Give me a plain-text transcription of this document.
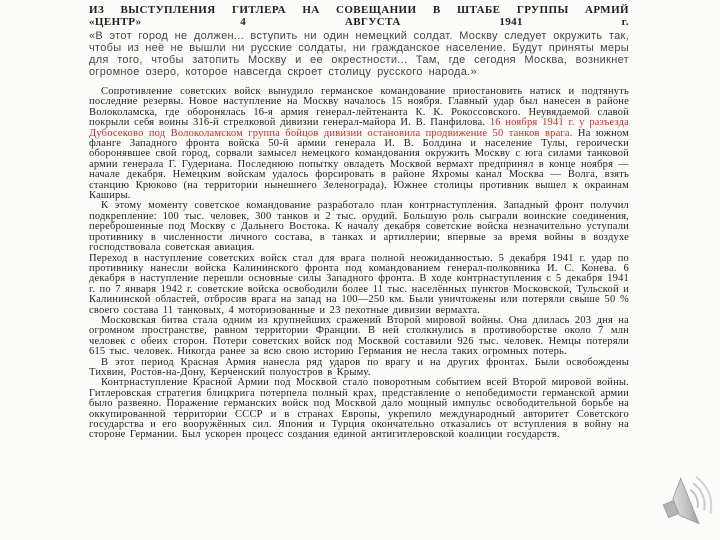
ИЗ ВЫСТУПЛЕНИЯ ГИТЛЕРА НА СОВЕЩАНИИ В ШТАБЕ ГРУППЫ АРМИЙ
«ЦЕНТР»	4	АВГУСТА	1941	г.
«В этот город не должен... вступить ни один немецкий солдат. Москву следует окружить так, чтобы из неё не вышли ни русские солдаты, ни гражданское население. Будут приняты меры для того, чтобы затопить Москву и ее окрестности... Там, где сегодня Москва, возникнет огромное озеро, которое навсегда скроет столицу русского народа.»

Сопротивление советских войск вынудило германское командование приостановить натиск и подтянуть последние резервы. Новое наступление на Москву началось 15 ноября. Главный удар был нанесен в районе Волоколамска, где оборонялась 16-я армия генерал-лейтенанта К. К. Рокоссовского. Неувядаемой славой покрыли себя воины 316-й стрелковой дивизии генерал-майора И. В. Панфилова. 16 ноября 1941 г. у разъезда Дубосеково под Волоколамском группа бойцов дивизии остановила продвижение 50 танков врага. На южном фланге Западного фронта войска 50-й армии генерала И. В. Болдина и население Тулы, героически оборонявшее свой город, сорвали замысел немецкого командования окружить Москву с юга силами танковой армии генерала Г. Гудериана. Последнюю попытку овладеть Москвой вермахт предпринял в конце ноября — начале декабря. Немецким войскам удалось форсировать в районе Яхромы канал Москва — Волга, взять станцию Крюково (на территории нынешнего Зеленограда). Южнее столицы противник вышел к окраинам Каширы.

К этому моменту советское командование разработало план контрнаступления. Западный фронт получил подкрепление: 100 тыс. человек, 300 танков и 2 тыс. орудий. Большую роль сыграли воинские соединения, переброшенные под Москву с Дальнего Востока. К началу декабря советские войска незначительно уступали противнику в численности личного состава, в танках и артиллерии; впервые за время войны в воздухе господствовала советская авиация.

Переход в наступление советских войск стал для врага полной неожиданностью. 5 декабря 1941 г. удар по противнику нанесли войска Калининского фронта под командованием генерал-полковника И. С. Конева. 6 декабря в наступление перешли основные силы Западного фронта. В ходе контрнаступления с 5 декабря 1941 г. по 7 января 1942 г. советские войска освободили более 11 тыс. населённых пунктов Московской, Тульской и Калининской областей, отбросив врага на запад на 100—250 км. Были уничтожены или потеряли свыше 50 % своего состава 11 танковых, 4 моторизованные и 23 пехотные дивизии вермахта.

Московская битва стала одним из крупнейших сражений Второй мировой войны. Она длилась 203 дня на огромном пространстве, равном территории Франции. В ней столкнулись в противоборстве около 7 млн человек с обеих сторон. Потери советских войск под Москвой составили 926 тыс. человек. Немцы потеряли 615 тыс. человек. Никогда ранее за всю свою историю Германия не несла таких огромных потерь.

В этот период Красная Армия нанесла ряд ударов по врагу и на других фронтах. Были освобождены Тихвин, Ростов-на-Дону, Керченский полуостров в Крыму.

Контрнаступление Красной Армии под Москвой стало поворотным событием всей Второй мировой войны. Гитлеровская стратегия блицкрига потерпела полный крах, представление о непобедимости германской армии было развеяно. Поражение германских войск под Москвой дало мощный импульс освободительной борьбе на оккупированной территории СССР и в странах Европы, укрепило международный авторитет Советского государства и его вооружённых сил. Япония и Турция окончательно отказались от вступления в войну на стороне Германии. Был ускорен процесс создания единой антигитлеровской коалиции государств.
